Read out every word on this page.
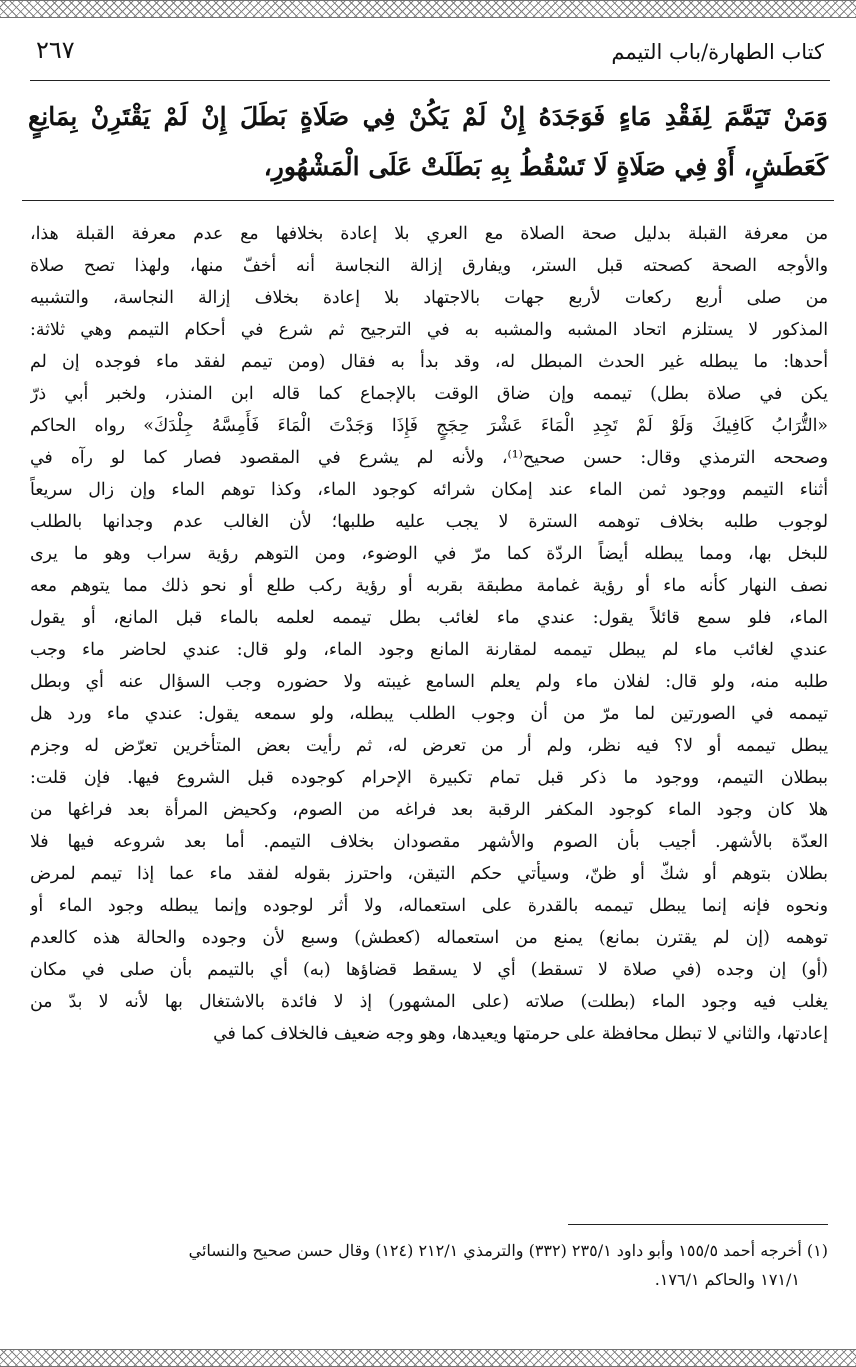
٢٦٧	كتاب الطهارة/باب التيمم
وَمَنْ تَيَمَّمَ لِفَقْدِ مَاءٍ فَوَجَدَهُ إِنْ لَمْ يَكُنْ فِي صَلَاةٍ بَطَلَ إِنْ لَمْ يَقْتَرِنْ بِمَانِعٍ كَعَطَشٍ، أَوْ فِي صَلَاةٍ لَا تَسْقُطُ بِهِ بَطَلَتْ عَلَى الْمَشْهُورِ،
من معرفة القبلة بدليل صحة الصلاة مع العري بلا إعادة بخلافها مع عدم معرفة القبلة هذا،
والأوجه الصحة كصحته قبل الستر، ويفارق إزالة النجاسة أنه أخفّ منها، ولهذا تصح صلاة
من صلى أربع ركعات لأربع جهات بالاجتهاد بلا إعادة بخلاف إزالة النجاسة، والتشبيه
المذكور لا يستلزم اتحاد المشبه والمشبه به في الترجيح ثم شرع في أحكام التيمم وهي ثلاثة:
أحدها: ما يبطله غير الحدث المبطل له، وقد بدأ به فقال (ومن تيمم لفقد ماء فوجده إن لم
يكن في صلاة بطل) تيممه وإن ضاق الوقت بالإجماع كما قاله ابن المنذر، ولخبر أبي ذرّ
«التُّرَابُ كَافِيكَ وَلَوْ لَمْ تَجِدِ الْمَاءَ عَشْرَ حِجَجٍ فَإِذَا وَجَدْتَ الْمَاءَ فَأَمِسَّهُ جِلْدَكَ» رواه الحاكم
وصححه الترمذي وقال: حسن صحيح⁽¹⁾، ولأنه لم يشرع في المقصود فصار كما لو رآه في
أثناء التيمم ووجود ثمن الماء عند إمكان شرائه كوجود الماء، وكذا توهم الماء وإن زال سريعاً
لوجوب طلبه بخلاف توهمه السترة لا يجب عليه طلبها؛ لأن الغالب عدم وجدانها بالطلب
للبخل بها، ومما يبطله أيضاً الردّة كما مرّ في الوضوء، ومن التوهم رؤية سراب وهو ما يرى
نصف النهار كأنه ماء أو رؤية غمامة مطبقة بقربه أو رؤية ركب طلع أو نحو ذلك مما يتوهم معه
الماء، فلو سمع قائلاً يقول: عندي ماء لغائب بطل تيممه لعلمه بالماء قبل المانع، أو يقول
عندي لغائب ماء لم يبطل تيممه لمقارنة المانع وجود الماء، ولو قال: عندي لحاضر ماء وجب
طلبه منه، ولو قال: لفلان ماء ولم يعلم السامع غيبته ولا حضوره وجب السؤال عنه أي وبطل
تيممه في الصورتين لما مرّ من أن وجوب الطلب يبطله، ولو سمعه يقول: عندي ماء ورد هل
يبطل تيممه أو لا؟ فيه نظر، ولم أر من تعرض له، ثم رأيت بعض المتأخرين تعرّض له وجزم
ببطلان التيمم، ووجود ما ذكر قبل تمام تكبيرة الإحرام كوجوده قبل الشروع فيها. فإن قلت:
هلا كان وجود الماء كوجود المكفر الرقبة بعد فراغه من الصوم، وكحيض المرأة بعد فراغها من
العدّة بالأشهر. أجيب بأن الصوم والأشهر مقصودان بخلاف التيمم. أما بعد شروعه فيها فلا
بطلان بتوهم أو شكّ أو ظنّ، وسيأتي حكم التيقن، واحترز بقوله لفقد ماء عما إذا تيمم لمرض
ونحوه فإنه إنما يبطل تيممه بالقدرة على استعماله، ولا أثر لوجوده وإنما يبطله وجود الماء أو
توهمه (إن لم يقترن بمانع) يمنع من استعماله (كعطش) وسبع لأن وجوده والحالة هذه كالعدم
(أو) إن وجده (في صلاة لا تسقط) أي لا يسقط قضاؤها (به) أي بالتيمم بأن صلى في مكان
يغلب فيه وجود الماء (بطلت) صلاته (على المشهور) إذ لا فائدة بالاشتغال بها لأنه لا بدّ من
إعادتها، والثاني لا تبطل محافظة على حرمتها ويعيدها، وهو وجه ضعيف فالخلاف كما في
(١) أخرجه أحمد ١٥٥/٥ وأبو داود ٢٣٥/١ (٣٣٢) والترمذي ٢١٢/١ (١٢٤) وقال حسن صحيح والنسائي
١٧١/١ والحاكم ١٧٦/١.
